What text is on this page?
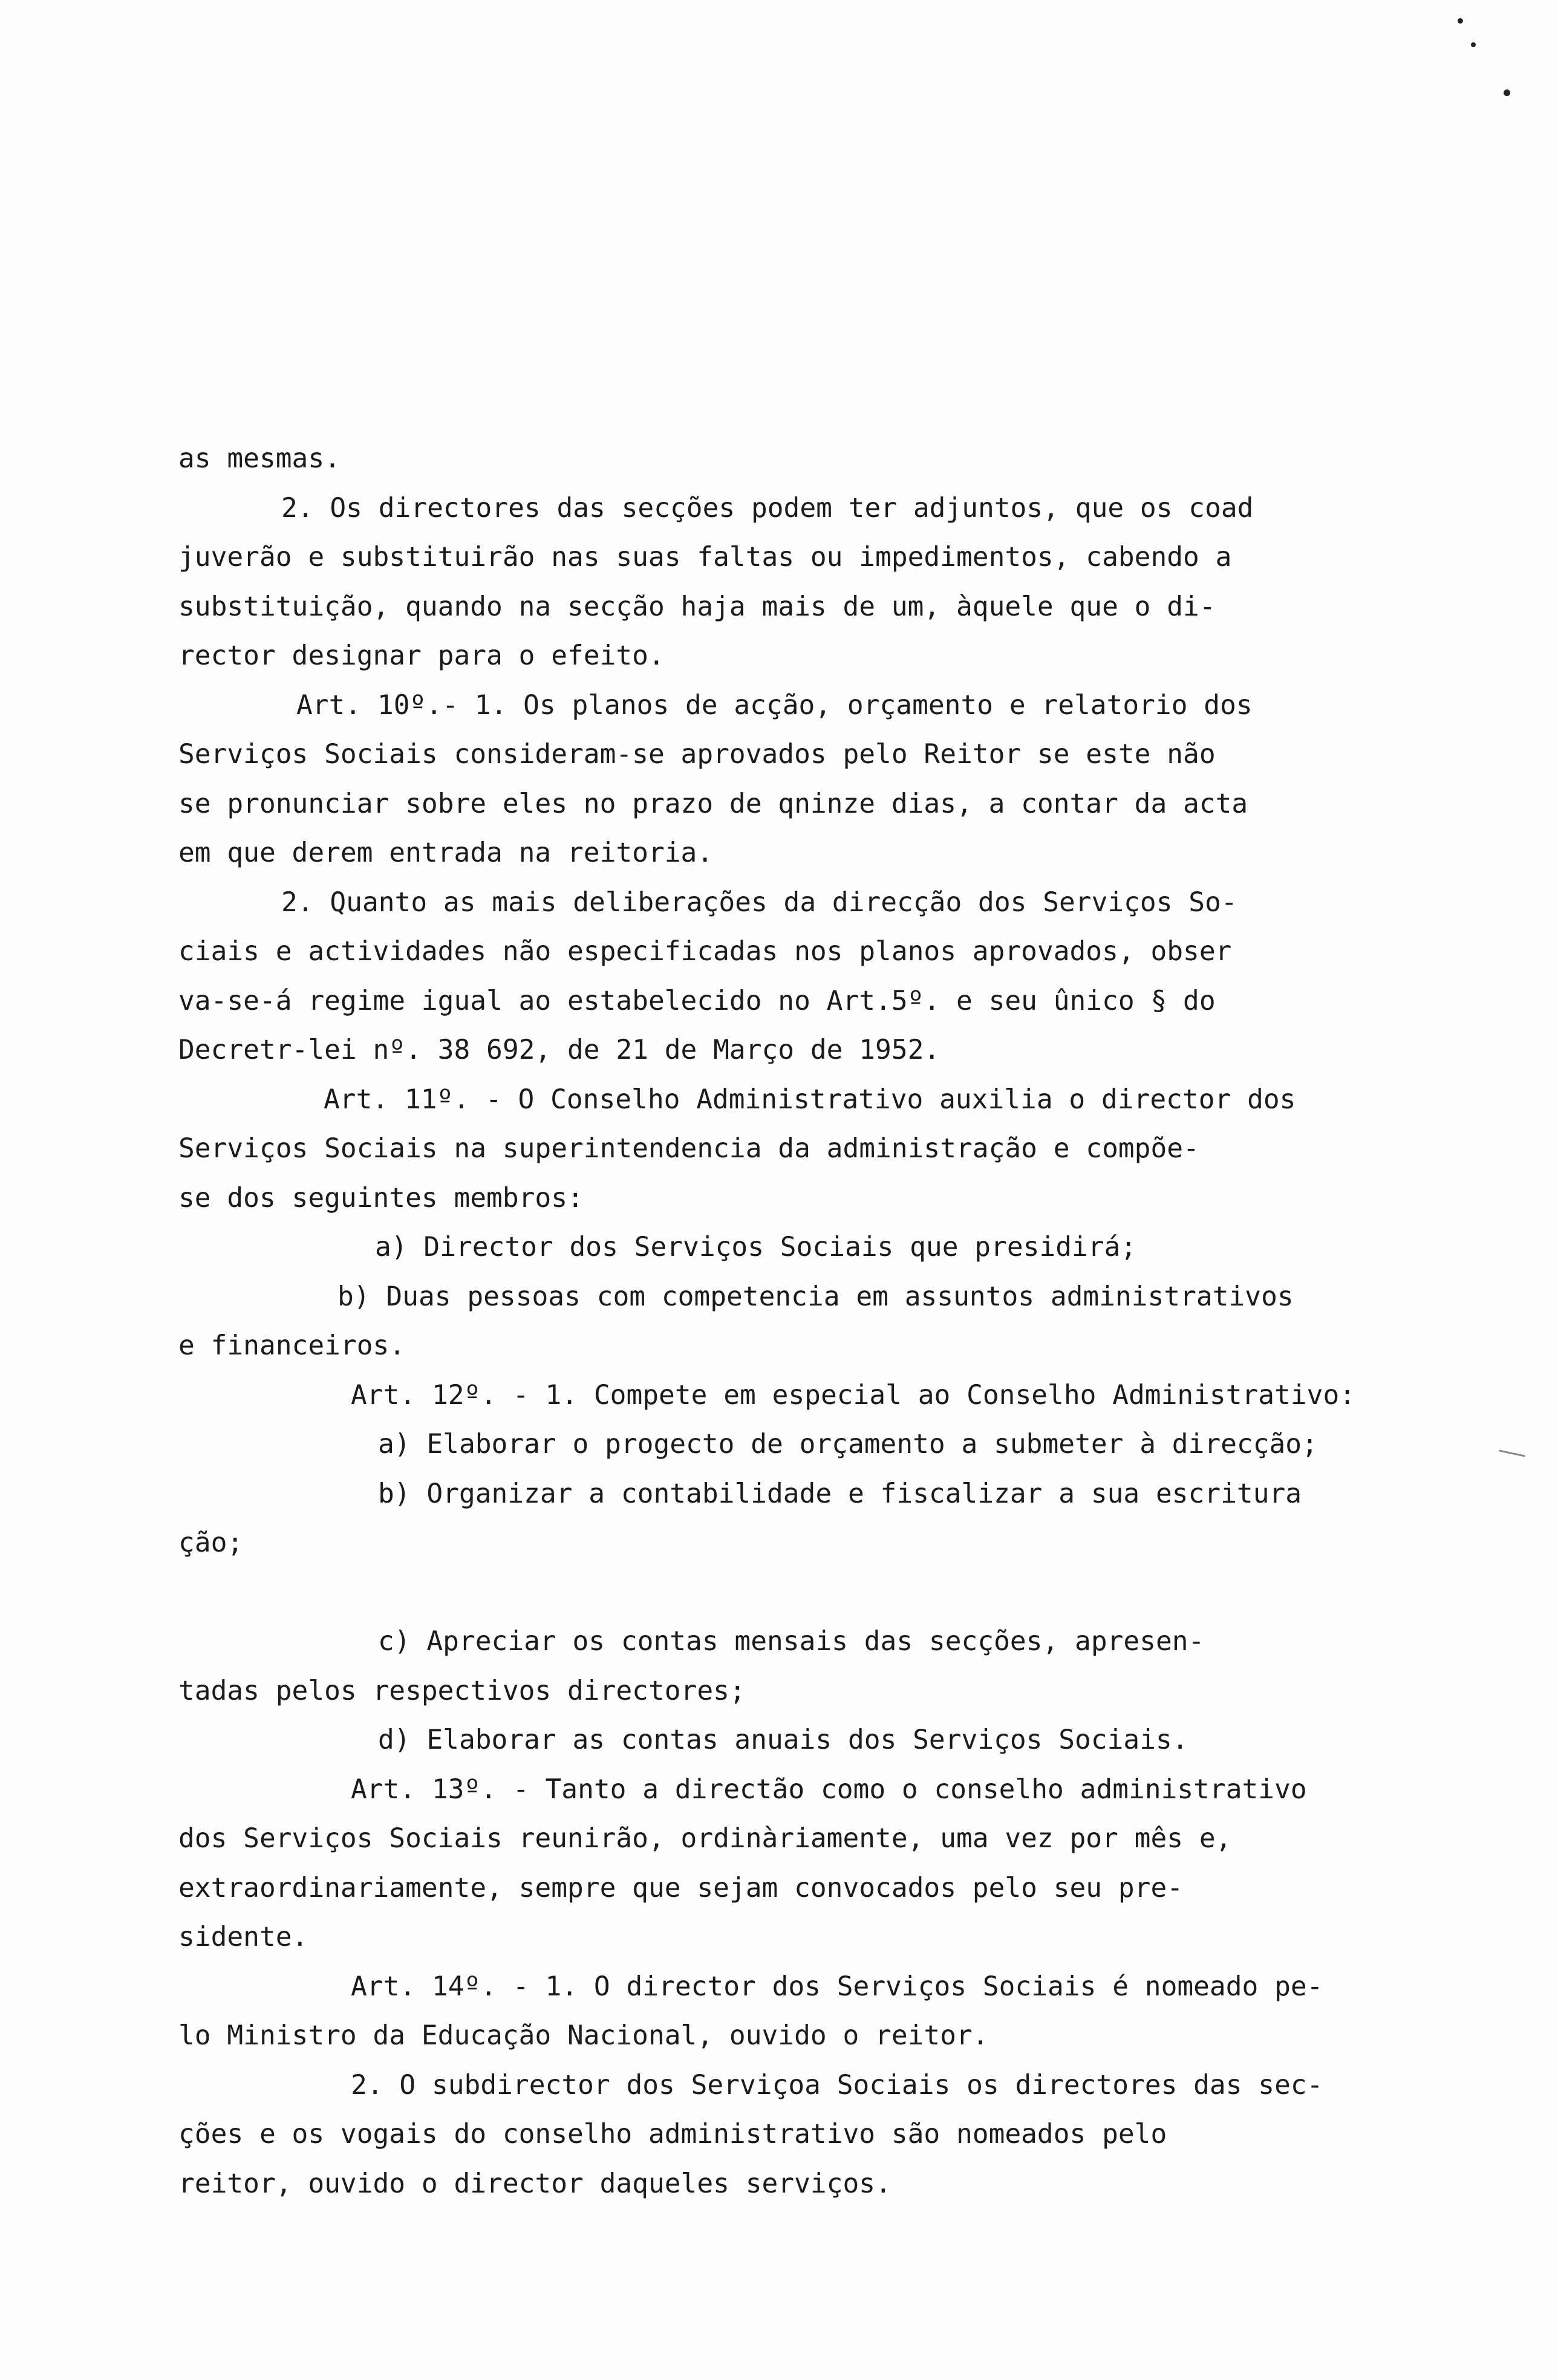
as mesmas.
2. Os directores das secções podem ter adjuntos, que os coad
juverão e substituirão nas suas faltas ou impedimentos, cabendo a
substituição, quando na secção haja mais de um, àquele que o di-
rector designar para o efeito.
Art. 10º.- 1. Os planos de acção, orçamento e relatorio dos
Serviços Sociais consideram-se aprovados pelo Reitor se este não
se pronunciar sobre eles no prazo de qninze dias, a contar da acta
em que derem entrada na reitoria.
2. Quanto as mais deliberações da direcção dos Serviços So-
ciais e actividades não especificadas nos planos aprovados, obser
va-se-á regime igual ao estabelecido no Art.5º. e seu ûnico § do
Decretr-lei nº. 38 692, de 21 de Março de 1952.
Art. 11º. - O Conselho Administrativo auxilia o director dos
Serviços Sociais na superintendencia da administração e compõe-
se dos seguintes membros:
a) Director dos Serviços Sociais que presidirá;
b) Duas pessoas com competencia em assuntos administrativos
e financeiros.
Art. 12º. - 1. Compete em especial ao Conselho Administrativo:
a) Elaborar o progecto de orçamento a submeter à direcção;
b) Organizar a contabilidade e fiscalizar a sua escritura
ção;
c) Apreciar os contas mensais das secções, apresen-
tadas pelos respectivos directores;
d) Elaborar as contas anuais dos Serviços Sociais.
Art. 13º. - Tanto a directão como o conselho administrativo
dos Serviços Sociais reunirão, ordinàriamente, uma vez por mês e,
extraordinariamente, sempre que sejam convocados pelo seu pre-
sidente.
Art. 14º. - 1. O director dos Serviços Sociais é nomeado pe-
lo Ministro da Educação Nacional, ouvido o reitor.
2. O subdirector dos Serviçoa Sociais os directores das sec-
ções e os vogais do conselho administrativo são nomeados pelo
reitor, ouvido o director daqueles serviços.
